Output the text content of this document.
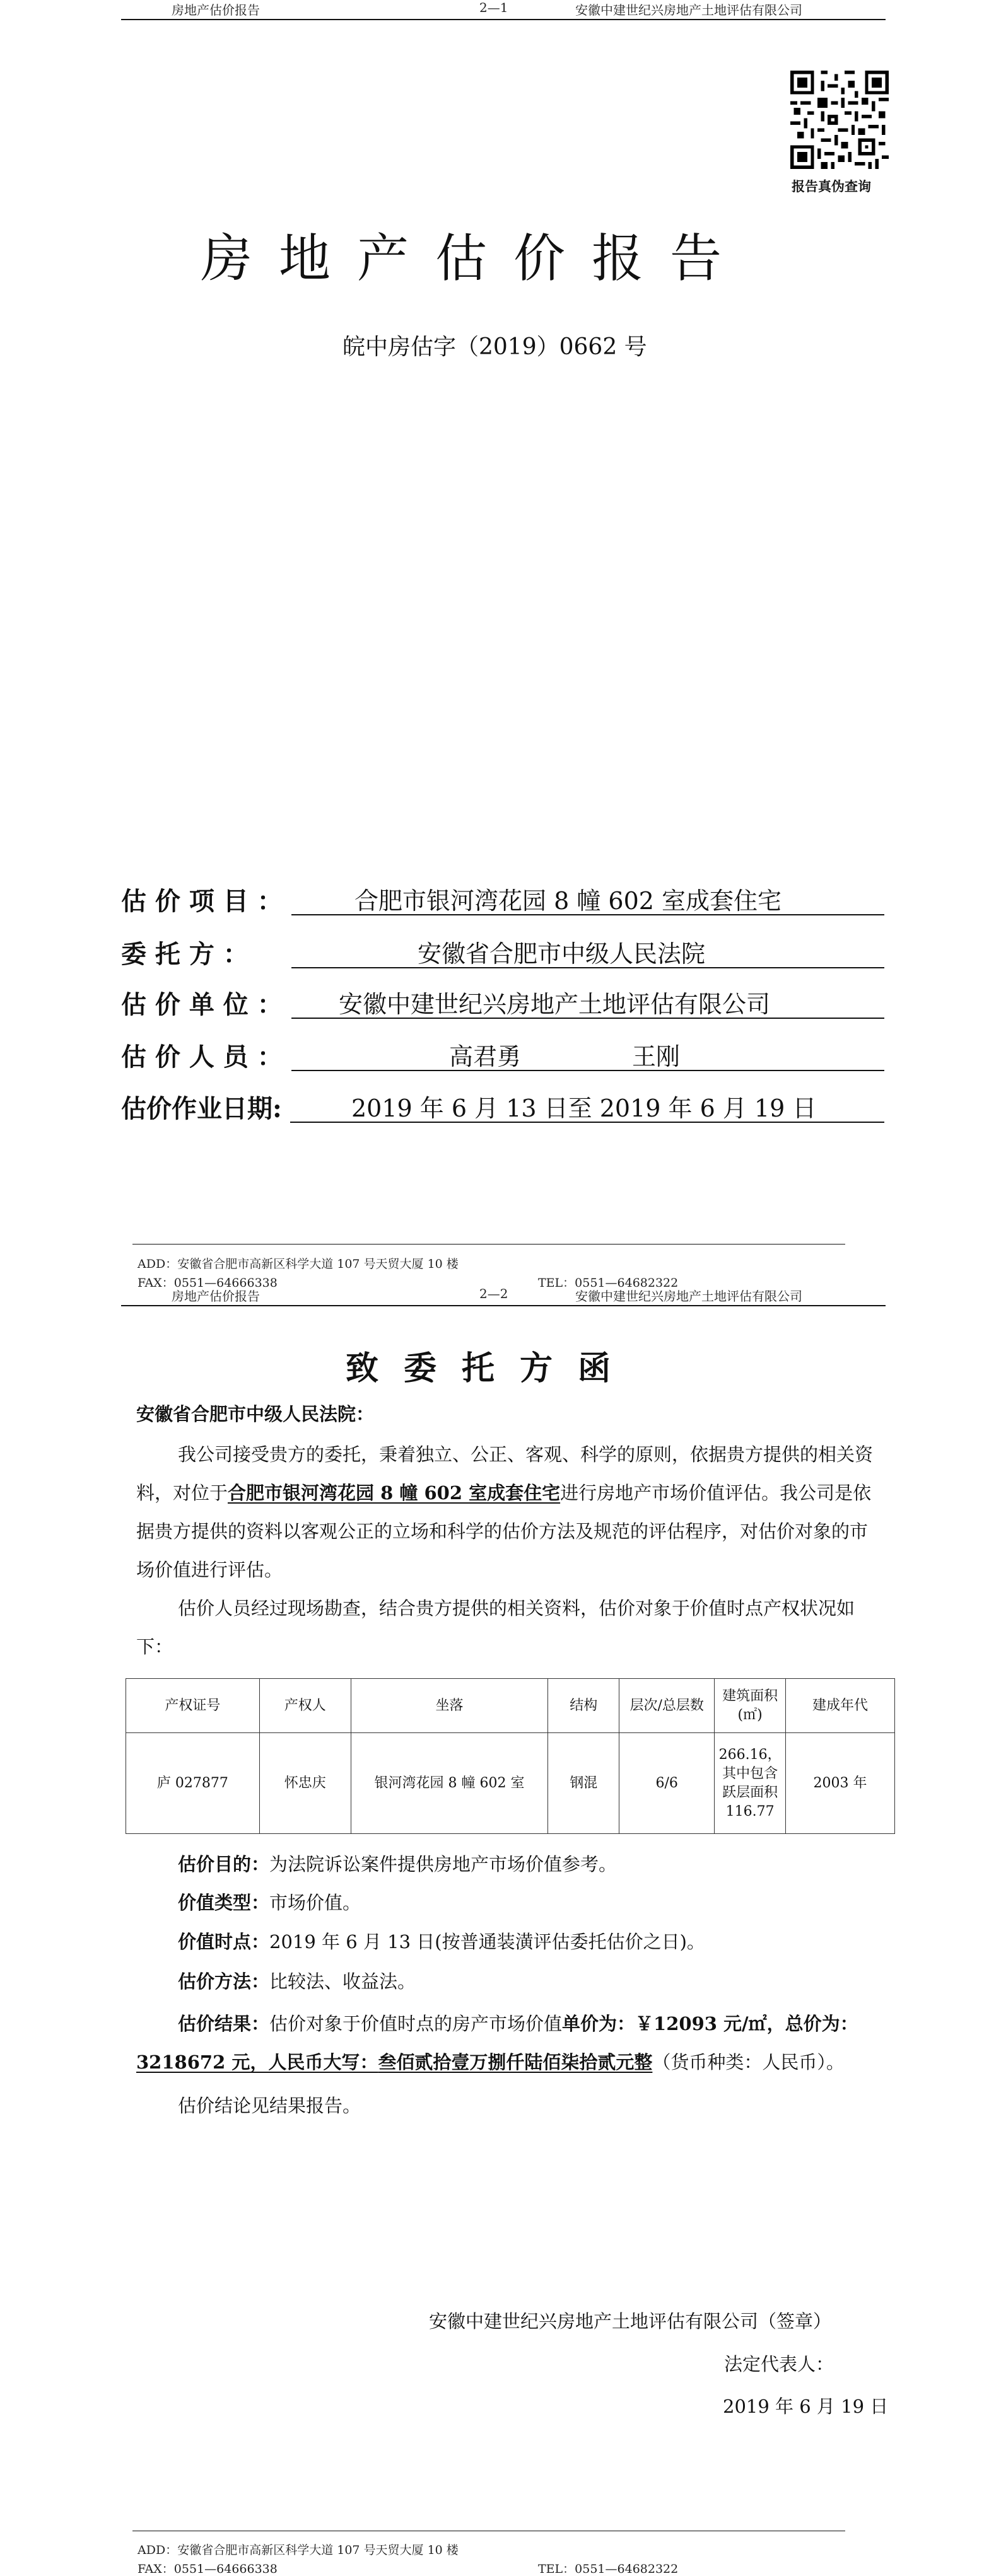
房地产估价报告	2—1	安徽中建世纪兴房地产土地评估有限公司
报告真伪查询
房地产估价报告
皖中房估字（2019）0662 号
估 价 项 目 ：	合肥市银河湾花园 8 幢 602 室成套住宅
委 托 方 ：	安徽省合肥市中级人民法院
估 价 单 位 ： 安徽中建世纪兴房地产土地评估有限公司
估 价 人 员 ：	高君勇	王刚
估价作业日期:	2019 年 6 月 13 日至 2019 年 6 月 19 日
ADD：安徽省合肥市高新区科学大道 107 号天贸大厦 10 楼
FAX：0551—64666338	TEL：0551—64682322
房地产估价报告	2—2	安徽中建世纪兴房地产土地评估有限公司
致委托方函
安徽省合肥市中级人民法院：
我公司接受贵方的委托，秉着独立、公正、客观、科学的原则，依据贵方提供的相关资料，对位于合肥市银河湾花园 8 幢 602 室成套住宅进行房地产市场价值评估。我公司是依据贵方提供的资料以客观公正的立场和科学的估价方法及规范的评估程序，对估价对象的市场价值进行评估。
估价人员经过现场勘查，结合贵方提供的相关资料，估价对象于价值时点产权状况如下：
产权证号	产权人	坐落	结构	层次/总层数	建筑面积(㎡)	建成年代
庐 027877	怀忠庆	银河湾花园 8 幢 602 室	钢混	6/6	266.16，其中包含跃层面积 116.77	2003 年
估价目的：为法院诉讼案件提供房地产市场价值参考。
价值类型：市场价值。
价值时点：2019 年 6 月 13 日(按普通装潢评估委托估价之日)。
估价方法：比较法、收益法。
估价结果：估价对象于价值时点的房产市场价值单价为：￥12093 元/㎡，总价为：3218672 元，人民币大写：叁佰贰拾壹万捌仟陆佰柒拾贰元整（货币种类：人民币）。
估价结论见结果报告。
安徽中建世纪兴房地产土地评估有限公司（签章）
法定代表人：
2019 年 6 月 19 日
ADD：安徽省合肥市高新区科学大道 107 号天贸大厦 10 楼
FAX：0551—64666338	TEL：0551—64682322
